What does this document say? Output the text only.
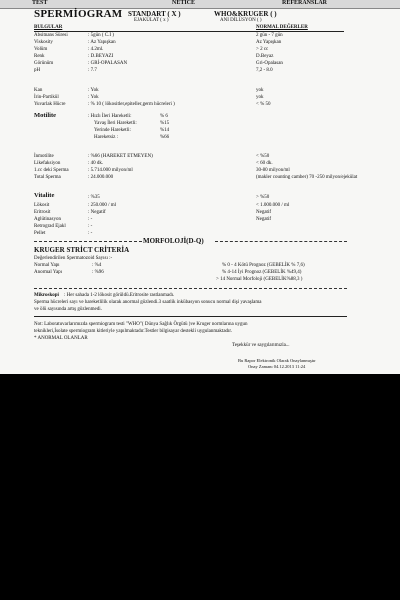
TEST	NETİCE	REFERANSLAR
SPERMİOGRAM STANDART ( X )	WHO&KRUGER ( )
EJAKÜLAT ( x )	ANI DİLÜSYON ( )
BULGULAR	NORMAL DEĞERLER
Absitnans Süresi	: 5gün ( C.İ )	2 gün - 7 gün
Viskosity	: Az Yapışkan	Az Yapışkan
Volüm	: 4.2ml.	> 2 cc
Renk	: D.BEYAZI	D.Beyaz
Görünüm	: GRİ-OPALASAN	Gri-Opalasan
pH	: 7.7	7,2 - 8.0
Kan	: Yok	yok
İrin-Partikül	: Yok	yok
Yuvarlak Hücre	: % 10 ( lökositler,epiteller,germ hücreleri )	< % 50
Motilite	: Hızlı İleri Hareketli:	% 6
Yavaş İleri Hareketli:	%15
Yerinde Hareketli:	%14
Hareketsiz :	%66
İnmotilite	: %66 (HAREKET ETMEYEN)	< %50
Likefaksiyon	: 40 dk.	< 60 dk.
1.cc deki Sperma	: 5.714.000 milyon/ml	30-80 milyon/ml
Total Sperma	: 24.000.000	(makler counting camber) 70 -250 milyon/ejekülat
Vitalite	: %35	> %50
Lökosit	: 250.000 / ml	< 1.000.000 / ml
Eritrosit	: Negatif	Negatif
Aglütinasyon	: -	Negatif
Retrograd Ejakl	: -
Pellet	: -
MORFOLOJİ(D-Q)
KRUGER STRİCT CRİTERİA
Değerlendirilen Spermatozoid Sayısı :-
Normal Yapı	: %4
Anormal Yapı	: %96
% 0 - 4 Kötü Prognoz (GEBELİK % 7,6)
% 4-14 İyi Prognoz (GEBELİK %49,4)
> 14 Normal Morfoloji (GEBELİK%88,3 )
Mikroskopi : Her sahada 1-2 lökosit görüldü.Eritrosite rastlanmadı.
Sperma hücreleri sayı ve hareketlilik olarak anormal gözlendi.3 saatlik inkübasyon sonucu normal dişi yavaşlama
ve ölü sayısında artış gözlenmedi.
Not: Laboratuvarlarımızda spermiogram testi "WHO"( Dünya Sağlık Örgütü )ve Kruger normlarına uygun
teknikleri,İsolate spermiogram kitleriyle yapılmaktadır.Testler bilgisayar destekli uygulanmaktadır.
* ANORMAL OLANLAR
Teşekkür ve saygılarımızla...
Bu Rapor Elektronik Olarak Onaylanmıştır
Onay Zamanı 04.12.2013 11:24
